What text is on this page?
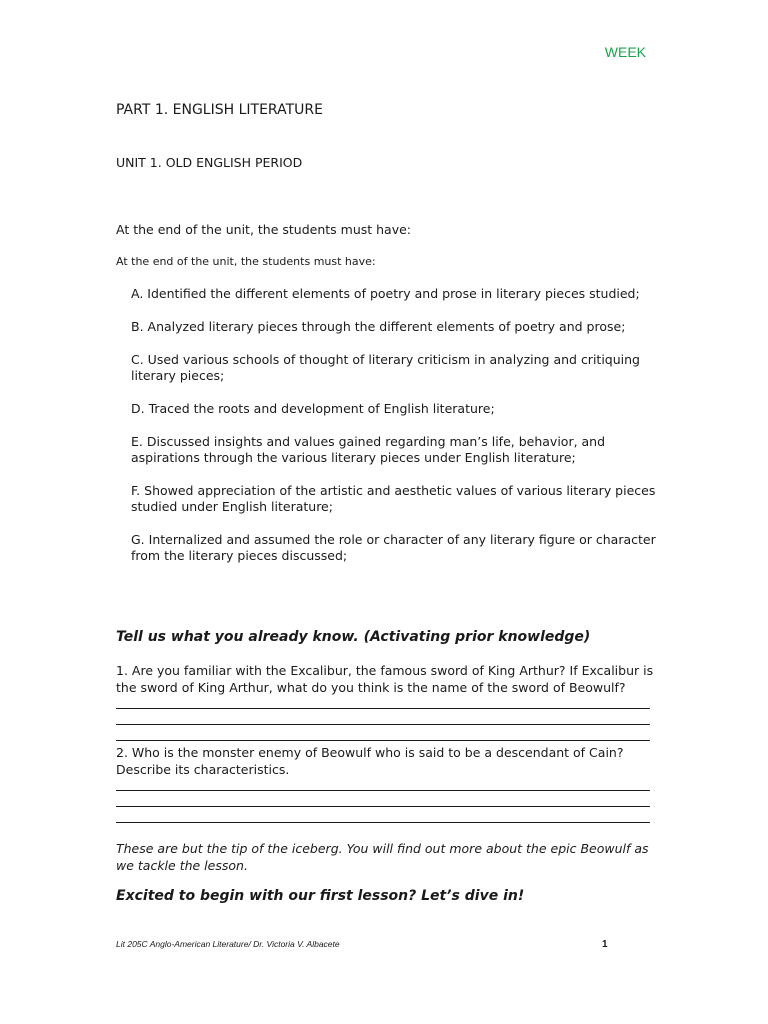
WEEK
PART 1. ENGLISH LITERATURE
UNIT 1. OLD ENGLISH PERIOD
At the end of the unit, the students must have:
At the end of the unit, the students must have:
A. Identified the different elements of poetry and prose in literary pieces studied;
B. Analyzed literary pieces through the different elements of poetry and prose;
C. Used various schools of thought of literary criticism in analyzing and critiquing literary pieces;
D. Traced the roots and development of English literature;
E. Discussed insights and values gained regarding man’s life, behavior, and aspirations through the various literary pieces under English literature;
F. Showed appreciation of the artistic and aesthetic values of various literary pieces studied under English literature;
G. Internalized and assumed the role or character of any literary figure or character from the literary pieces discussed;
Tell us what you already know. (Activating prior knowledge)
1. Are you familiar with the Excalibur, the famous sword of King Arthur? If Excalibur is the sword of King Arthur, what do you think is the name of the sword of Beowulf?
2. Who is the monster enemy of Beowulf who is said to be a descendant of Cain? Describe its characteristics.
These are but the tip of the iceberg. You will find out more about the epic Beowulf as we tackle the lesson.
Excited to begin with our first lesson? Let’s dive in!
Lit 205C Anglo-American Literature/ Dr. Victoria V. Albacete	1
